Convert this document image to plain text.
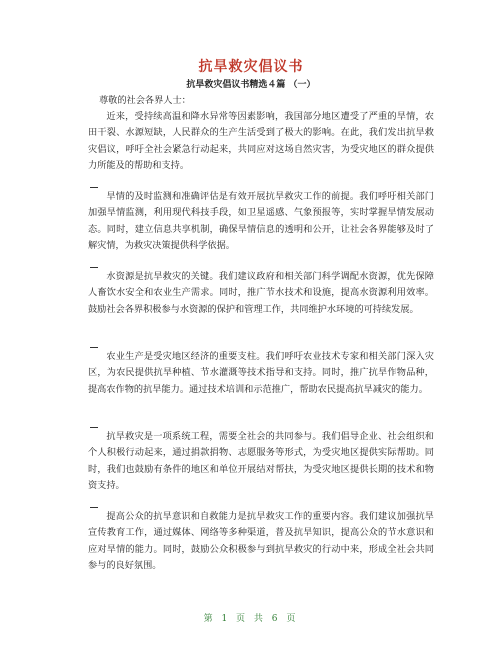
抗旱救灾倡议书
抗旱救灾倡议书精选４篇 （一）

尊敬的社会各界人士：

近来，受持续高温和降水异常等因素影响，我国部分地区遭受了严重的旱情，农田干裂、水源短缺，人民群众的生产生活受到了极大的影响。在此，我们发出抗旱救灾倡议，呼吁全社会紧急行动起来，共同应对这场自然灾害，为受灾地区的群众提供力所能及的帮助和支持。

旱情的及时监测和准确评估是有效开展抗旱救灾工作的前提。我们呼吁相关部门加强旱情监测，利用现代科技手段，如卫星遥感、气象预报等，实时掌握旱情发展动态。同时，建立信息共享机制，确保旱情信息的透明和公开，让社会各界能够及时了解灾情，为救灾决策提供科学依据。

水资源是抗旱救灾的关键。我们建议政府和相关部门科学调配水资源，优先保障人畜饮水安全和农业生产需求。同时，推广节水技术和设施，提高水资源利用效率。鼓励社会各界积极参与水资源的保护和管理工作，共同维护水环境的可持续发展。

农业生产是受灾地区经济的重要支柱。我们呼吁农业技术专家和相关部门深入灾区，为农民提供抗旱种植、节水灌溉等技术指导和支持。同时，推广抗旱作物品种，提高农作物的抗旱能力。通过技术培训和示范推广，帮助农民提高抗旱减灾的能力。

抗旱救灾是一项系统工程，需要全社会的共同参与。我们倡导企业、社会组织和个人积极行动起来，通过捐款捐物、志愿服务等形式，为受灾地区提供实际帮助。同时，我们也鼓励有条件的地区和单位开展结对帮扶，为受灾地区提供长期的技术和物资支持。

提高公众的抗旱意识和自救能力是抗旱救灾工作的重要内容。我们建议加强抗旱宣传教育工作，通过媒体、网络等多种渠道，普及抗旱知识，提高公众的节水意识和应对旱情的能力。同时，鼓励公众积极参与到抗旱救灾的行动中来，形成全社会共同参与的良好氛围。

第 1 页 共 6 页
